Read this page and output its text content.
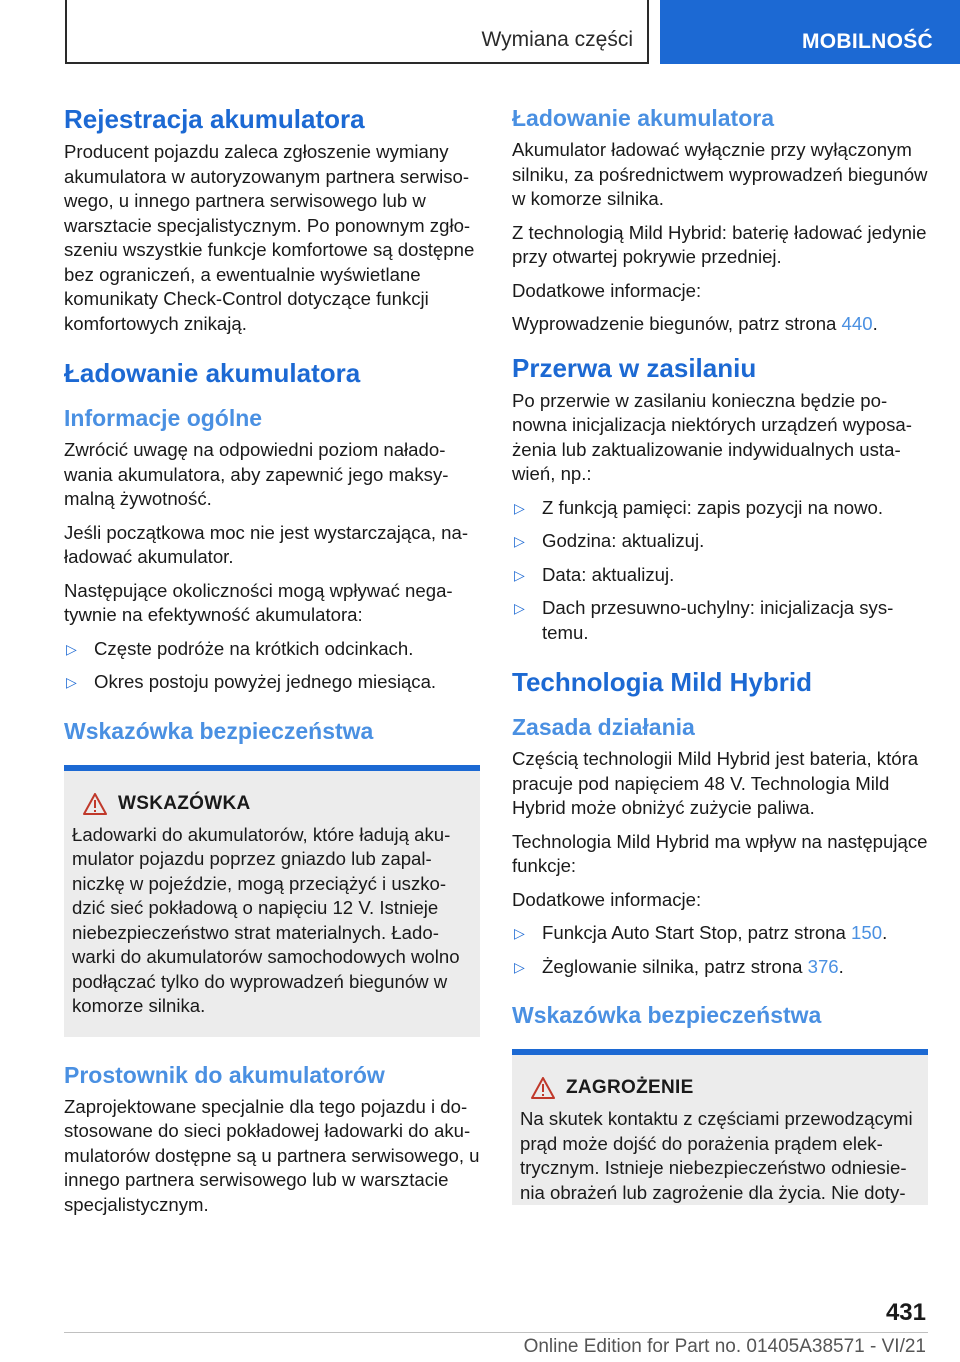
Wymiana części	MOBILNOŚĆ
Rejestracja akumulatora

Producent pojazdu zaleca zgłoszenie wymiany akumulatora w autoryzowanym partnera serwisowego, u innego partnera serwisowego lub w warsztacie specjalistycznym. Po ponownym zgłoszeniu wszystkie funkcje komfortowe są dostępne bez ograniczeń, a ewentualnie wyświetlane komunikaty Check-Control dotyczące funkcji komfortowych znikają.

Ładowanie akumulatora
Informacje ogólne

Zwrócić uwagę na odpowiedni poziom naładowania akumulatora, aby zapewnić jego maksymalną żywotność.

Jeśli początkowa moc nie jest wystarczająca, naładować akumulator.

Następujące okoliczności mogą wpływać negatywnie na efektywność akumulatora:

▷ Częste podróże na krótkich odcinkach.
▷ Okres postoju powyżej jednego miesiąca.
Wskazówka bezpieczeństwa
WSKAZÓWKA

Ładowarki do akumulatorów, które ładują akumulator pojazdu poprzez gniazdo lub zapalniczkę w pojeździe, mogą przeciążyć i uszkodzić sieć pokładową o napięciu 12 V. Istnieje niebezpieczeństwo strat materialnych. Ładowarki do akumulatorów samochodowych wolno podłączać tylko do wyprowadzeń biegunów w komorze silnika.

Prostownik do akumulatorów

Zaprojektowane specjalnie dla tego pojazdu i dostosowane do sieci pokładowej ładowarki do akumulatorów dostępne są u partnera serwisowego, u innego partnera serwisowego lub w warsztacie specjalistycznym.

Ładowanie akumulatora

Akumulator ładować wyłącznie przy wyłączonym silniku, za pośrednictwem wyprowadzeń biegunów w komorze silnika.

Z technologią Mild Hybrid: baterię ładować jedynie przy otwartej pokrywie przedniej.

Dodatkowe informacje:

Wyprowadzenie biegunów, patrz strona 440.

Przerwa w zasilaniu

Po przerwie w zasilaniu konieczna będzie ponowna inicjalizacja niektórych urządzeń wyposażenia lub zaktualizowanie indywidualnych ustawień, np.:

▷ Z funkcją pamięci: zapis pozycji na nowo.
▷ Godzina: aktualizuj.
▷ Data: aktualizuj.
▷ Dach przesuwno-uchylny: inicjalizacja systemu.
Technologia Mild Hybrid
Zasada działania

Częścią technologii Mild Hybrid jest bateria, która pracuje pod napięciem 48 V. Technologia Mild Hybrid może obniżyć zużycie paliwa.

Technologia Mild Hybrid ma wpływ na następujące funkcje:

Dodatkowe informacje:

▷ Funkcja Auto Start Stop, patrz strona 150.
▷ Żeglowanie silnika, patrz strona 376.
Wskazówka bezpieczeństwa
ZAGROŻENIE

Na skutek kontaktu z częściami przewodzącymi prąd może dojść do porażenia prądem elektrycznym. Istnieje niebezpieczeństwo odniesienia obrażeń lub zagrożenie dla życia. Nie doty-

431
Online Edition for Part no. 01405A38571 - VI/21
